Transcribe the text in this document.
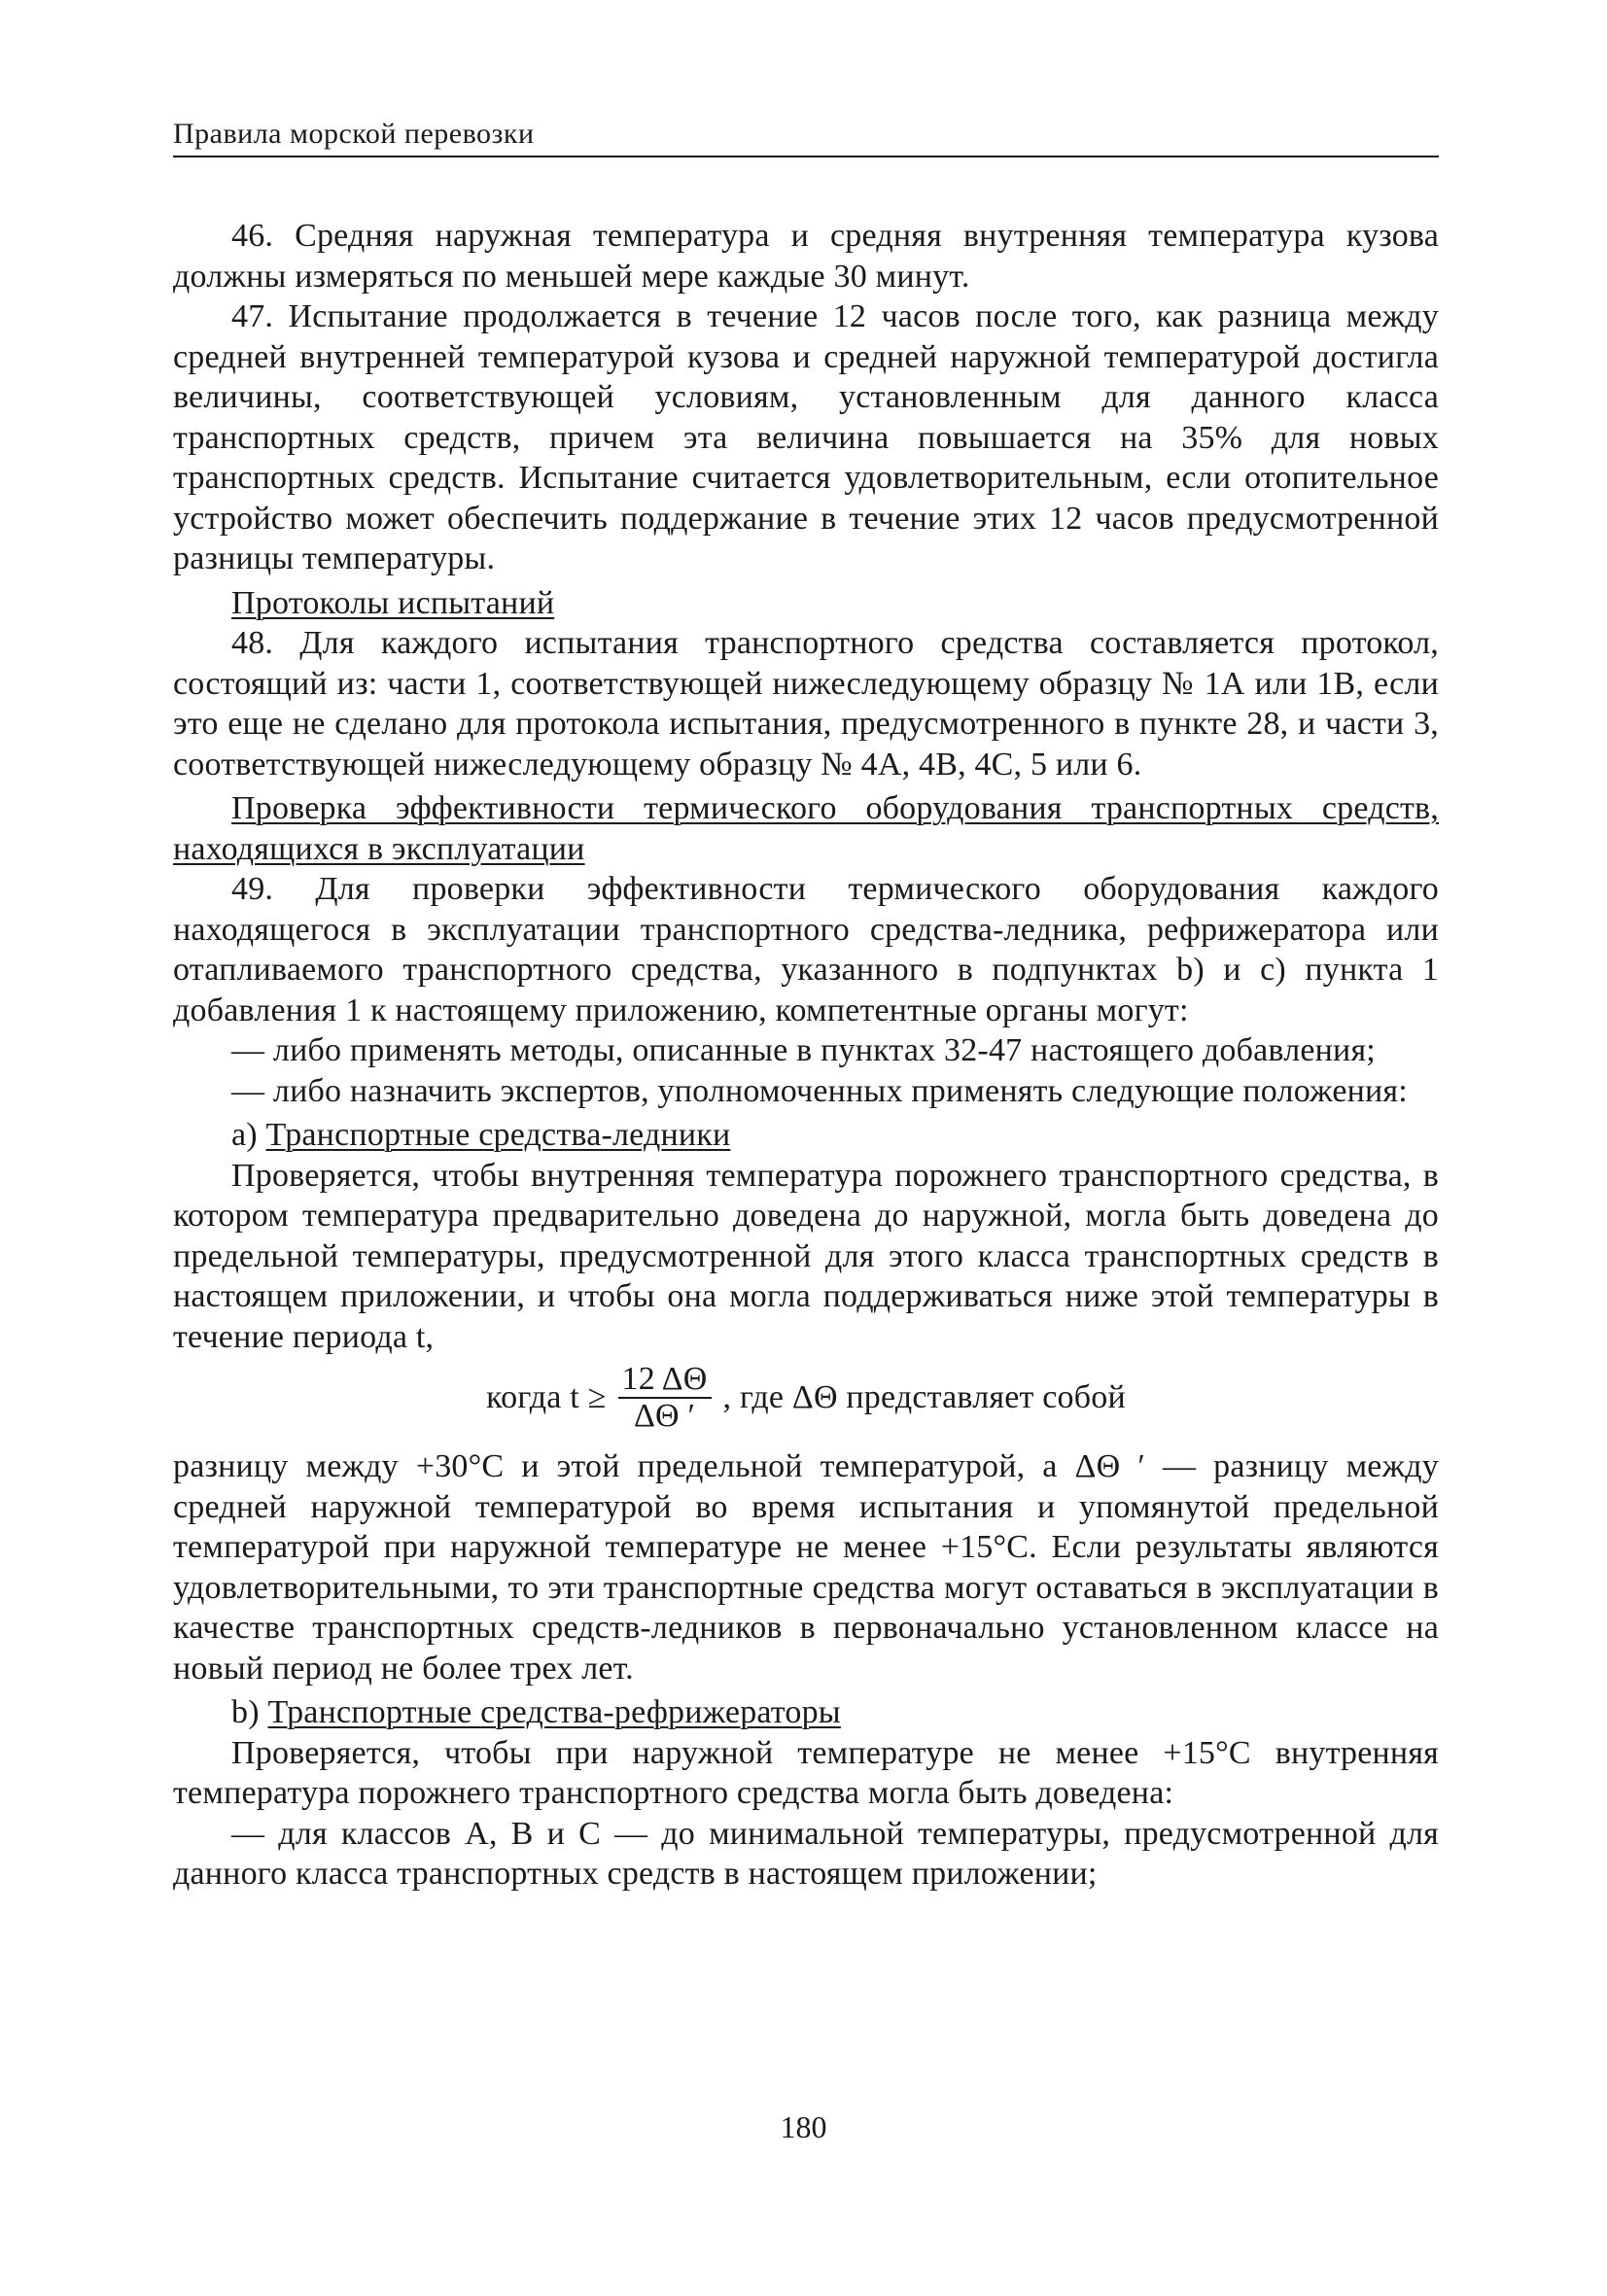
Правила морской перевозки

46. Средняя наружная температура и средняя внутренняя температура кузова должны измеряться по меньшей мере каждые 30 минут.

47. Испытание продолжается в течение 12 часов после того, как разница между средней внутренней температурой кузова и средней наружной температурой достигла величины, соответствующей условиям, установленным для данного класса транспортных средств, причем эта величина повышается на 35% для новых транспортных средств. Испытание считается удовлетворительным, если отопительное устройство может обеспечить поддержание в течение этих 12 часов предусмотренной разницы температуры.

Протоколы испытаний

48. Для каждого испытания транспортного средства составляется протокол, состоящий из: части 1, соответствующей нижеследующему образцу № 1А или 1В, если это еще не сделано для протокола испытания, предусмотренного в пункте 28, и части 3, соответствующей нижеследующему образцу № 4А, 4В, 4С, 5 или 6.

Проверка эффективности термического оборудования транспортных средств, находящихся в эксплуатации

49. Для проверки эффективности термического оборудования каждого находящегося в эксплуатации транспортного средства-ледника, рефрижератора или отапливаемого транспортного средства, указанного в подпунктах b) и c) пункта 1 добавления 1 к настоящему приложению, компетентные органы могут:

— либо применять методы, описанные в пунктах 32-47 настоящего добавления;

— либо назначить экспертов, уполномоченных применять следующие положения:

a) Транспортные средства-ледники

Проверяется, чтобы внутренняя температура порожнего транспортного средства, в котором температура предварительно доведена до наружной, могла быть доведена до предельной температуры, предусмотренной для этого класса транспортных средств в настоящем приложении, и чтобы она могла поддерживаться ниже этой температуры в течение периода t,

когда $t \ge \frac{12 \Delta\Theta}{\Delta\Theta '}$ , где ΔΘ представляет собой

разницу между +30°C и этой предельной температурой, а ΔΘ ′ — разницу между средней наружной температурой во время испытания и упомянутой предельной температурой при наружной температуре не менее +15°C. Если результаты являются удовлетворительными, то эти транспортные средства могут оставаться в эксплуатации в качестве транспортных средств-ледников в первоначально установленном классе на новый период не более трех лет.

b) Транспортные средства-рефрижераторы

Проверяется, чтобы при наружной температуре не менее +15°C внутренняя температура порожнего транспортного средства могла быть доведена:

— для классов А, В и С — до минимальной температуры, предусмотренной для данного класса транспортных средств в настоящем приложении;

180
